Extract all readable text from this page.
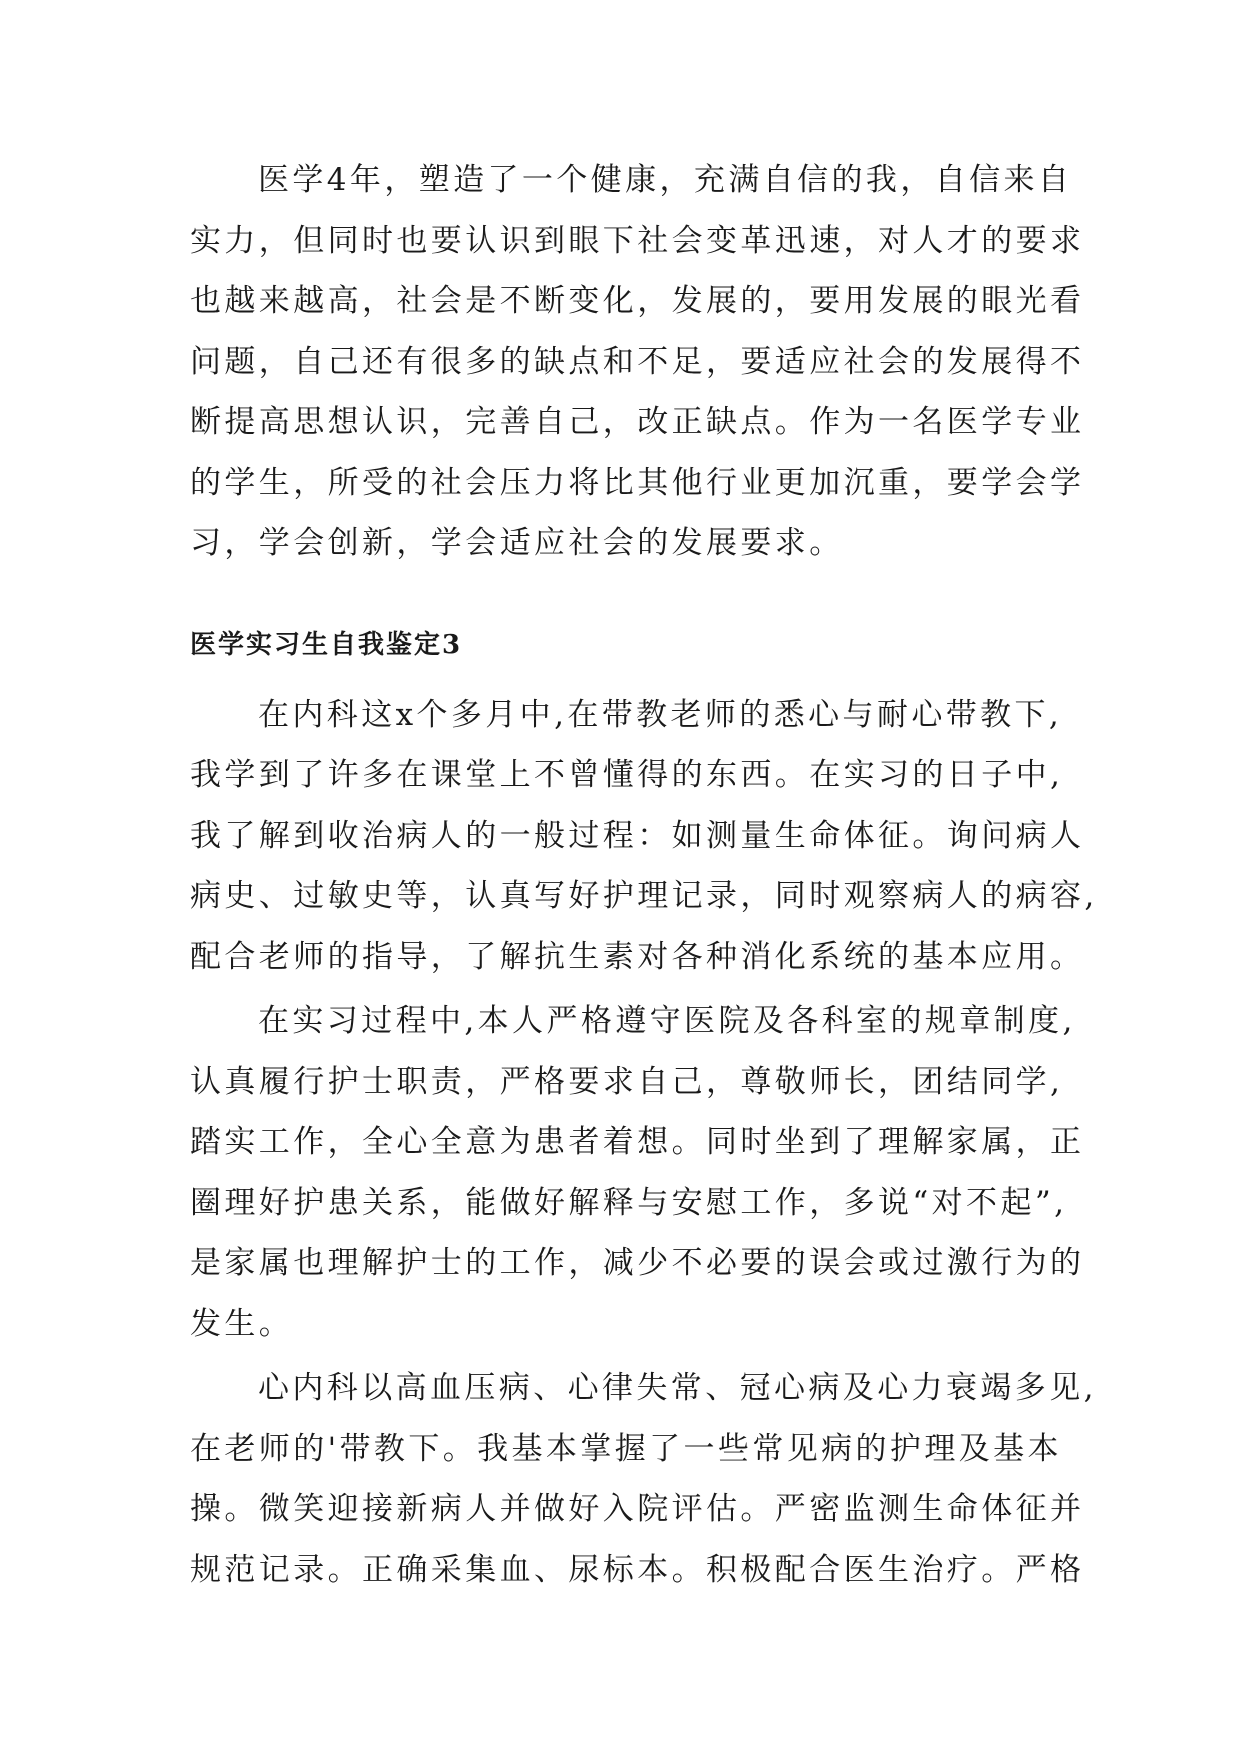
医学4年，塑造了一个健康，充满自信的我，自信来自
实力，但同时也要认识到眼下社会变革迅速，对人才的要求
也越来越高，社会是不断变化，发展的，要用发展的眼光看
问题，自己还有很多的缺点和不足，要适应社会的发展得不
断提高思想认识，完善自己，改正缺点。作为一名医学专业
的学生，所受的社会压力将比其他行业更加沉重，要学会学
习，学会创新，学会适应社会的发展要求。

医学实习生自我鉴定3

在内科这x个多月中,在带教老师的悉心与耐心带教下,
我学到了许多在课堂上不曾懂得的东西。在实习的日子中,
我了解到收治病人的一般过程：如测量生命体征。询问病人
病史、过敏史等，认真写好护理记录，同时观察病人的病容,
配合老师的指导，了解抗生素对各种消化系统的基本应用。

在实习过程中,本人严格遵守医院及各科室的规章制度,
认真履行护士职责，严格要求自己，尊敬师长，团结同学,
踏实工作，全心全意为患者着想。同时坐到了理解家属，正
圈理好护患关系，能做好解释与安慰工作，多说“对不起”,
是家属也理解护士的工作，减少不必要的误会或过激行为的
发生。

心内科以高血压病、心律失常、冠心病及心力衰竭多见,
在老师的'带教下。我基本掌握了一些常见病的护理及基本
操。微笑迎接新病人并做好入院评估。严密监测生命体征并
规范记录。正确采集血、尿标本。积极配合医生治疗。严格
